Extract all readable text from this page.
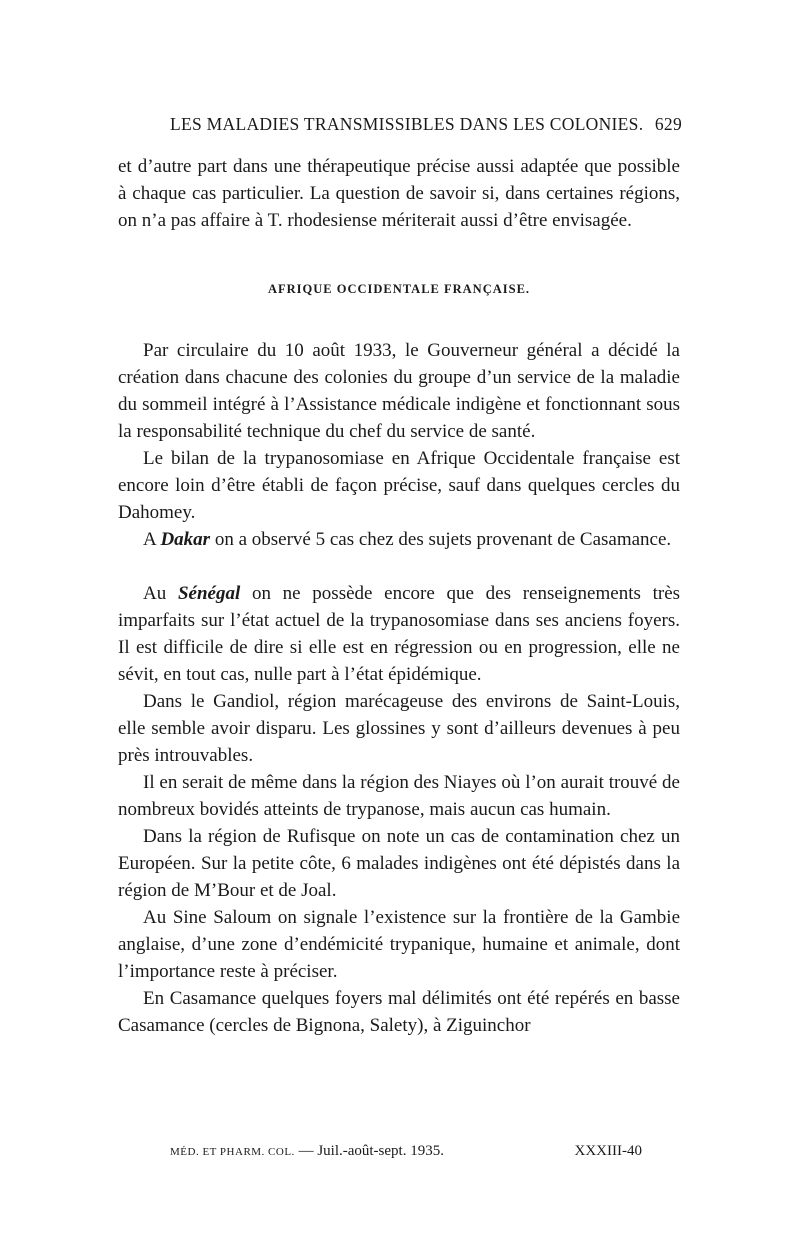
LES MALADIES TRANSMISSIBLES DANS LES COLONIES. 629

et d’autre part dans une thérapeutique précise aussi adaptée que possible à chaque cas particulier. La question de savoir si, dans certaines régions, on n’a pas affaire à T. rhodesiense mériterait aussi d’être envisagée.

AFRIQUE OCCIDENTALE FRANÇAISE.

Par circulaire du 10 août 1933, le Gouverneur général a décidé la création dans chacune des colonies du groupe d’un service de la maladie du sommeil intégré à l’Assistance médicale indigène et fonctionnant sous la responsabilité technique du chef du service de santé.

Le bilan de la trypanosomiase en Afrique Occidentale française est encore loin d’être établi de façon précise, sauf dans quelques cercles du Dahomey.

A Dakar on a observé 5 cas chez des sujets provenant de Casamance.

Au Sénégal on ne possède encore que des renseignements très imparfaits sur l’état actuel de la trypanosomiase dans ses anciens foyers. Il est difficile de dire si elle est en régression ou en progression, elle ne sévit, en tout cas, nulle part à l’état épidémique.

Dans le Gandiol, région marécageuse des environs de Saint-Louis, elle semble avoir disparu. Les glossines y sont d’ailleurs devenues à peu près introuvables.

Il en serait de même dans la région des Niayes où l’on aurait trouvé de nombreux bovidés atteints de trypanose, mais aucun cas humain.

Dans la région de Rufisque on note un cas de contamination chez un Européen. Sur la petite côte, 6 malades indigènes ont été dépistés dans la région de M’Bour et de Joal.

Au Sine Saloum on signale l’existence sur la frontière de la Gambie anglaise, d’une zone d’endémicité trypanique, humaine et animale, dont l’importance reste à préciser.

En Casamance quelques foyers mal délimités ont été repérés en basse Casamance (cercles de Bignona, Salety), à Ziguinchor

MÉD. ET PHARM. COL. — Juil.-août-sept. 1935.	XXXIII-40
